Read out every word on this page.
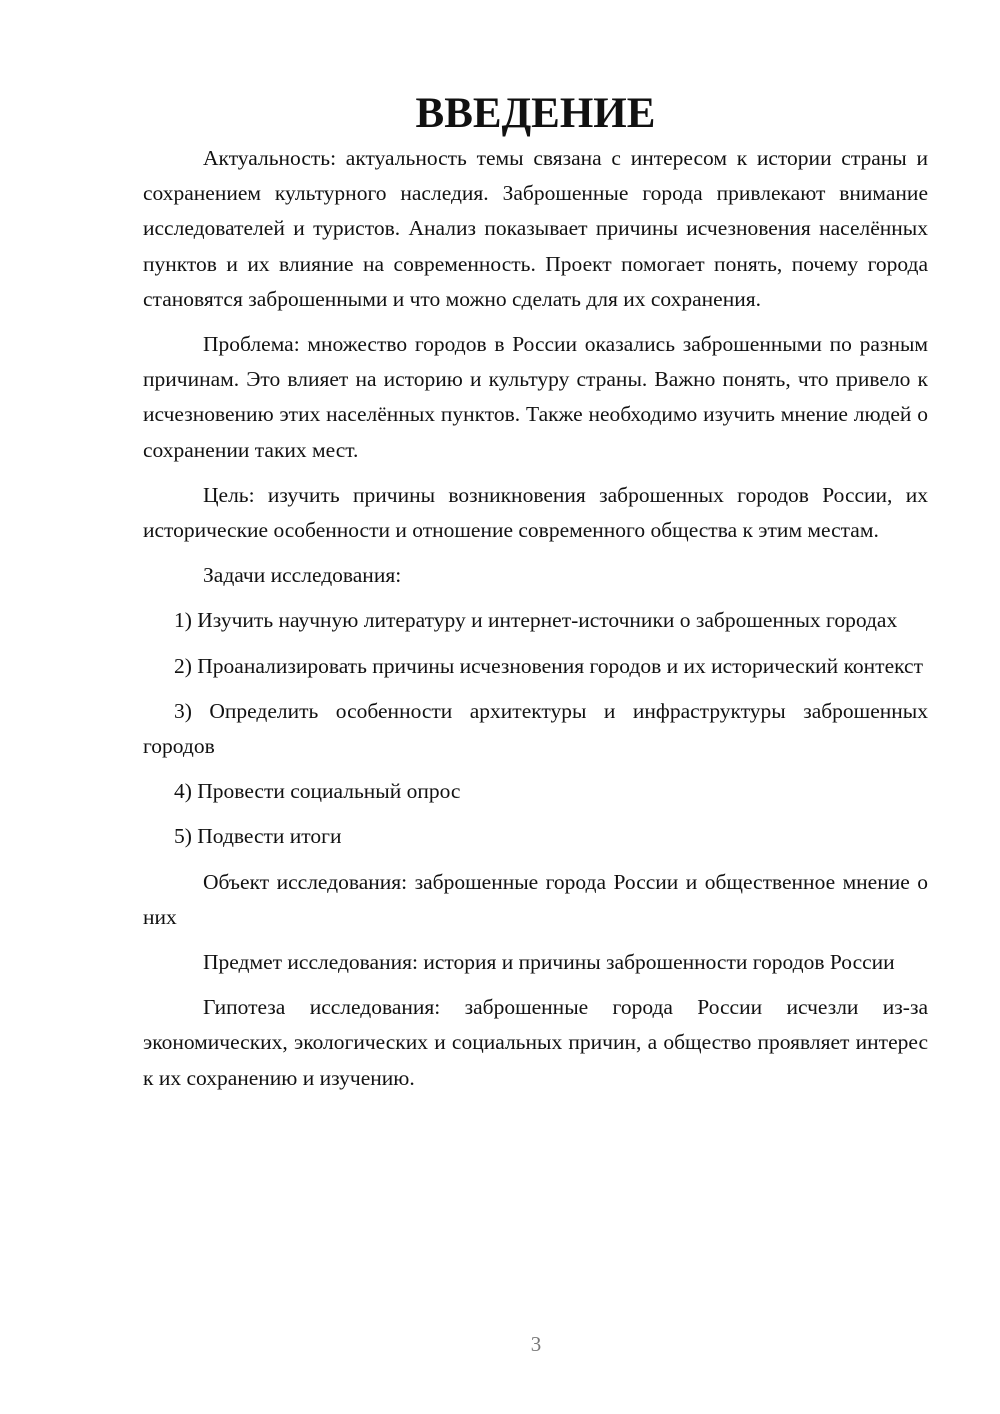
ВВЕДЕНИЕ

Актуальность: актуальность темы связана с интересом к истории страны и сохранением культурного наследия. Заброшенные города привлекают внимание исследователей и туристов. Анализ показывает причины исчезновения населённых пунктов и их влияние на современность. Проект помогает понять, почему города становятся заброшенными и что можно сделать для их сохранения.

Проблема: множество городов в России оказались заброшенными по разным причинам. Это влияет на историю и культуру страны. Важно понять, что привело к исчезновению этих населённых пунктов. Также необходимо изучить мнение людей о сохранении таких мест.

Цель: изучить причины возникновения заброшенных городов России, их исторические особенности и отношение современного общества к этим местам.

Задачи исследования:

1) Изучить научную литературу и интернет-источники о заброшенных городах

2) Проанализировать причины исчезновения городов и их исторический контекст

3) Определить особенности архитектуры и инфраструктуры заброшенных городов

4) Провести социальный опрос

5) Подвести итоги

Объект исследования: заброшенные города России и общественное мнение о них

Предмет исследования: история и причины заброшенности городов России

Гипотеза исследования: заброшенные города России исчезли из-за экономических, экологических и социальных причин, а общество проявляет интерес к их сохранению и изучению.

3
